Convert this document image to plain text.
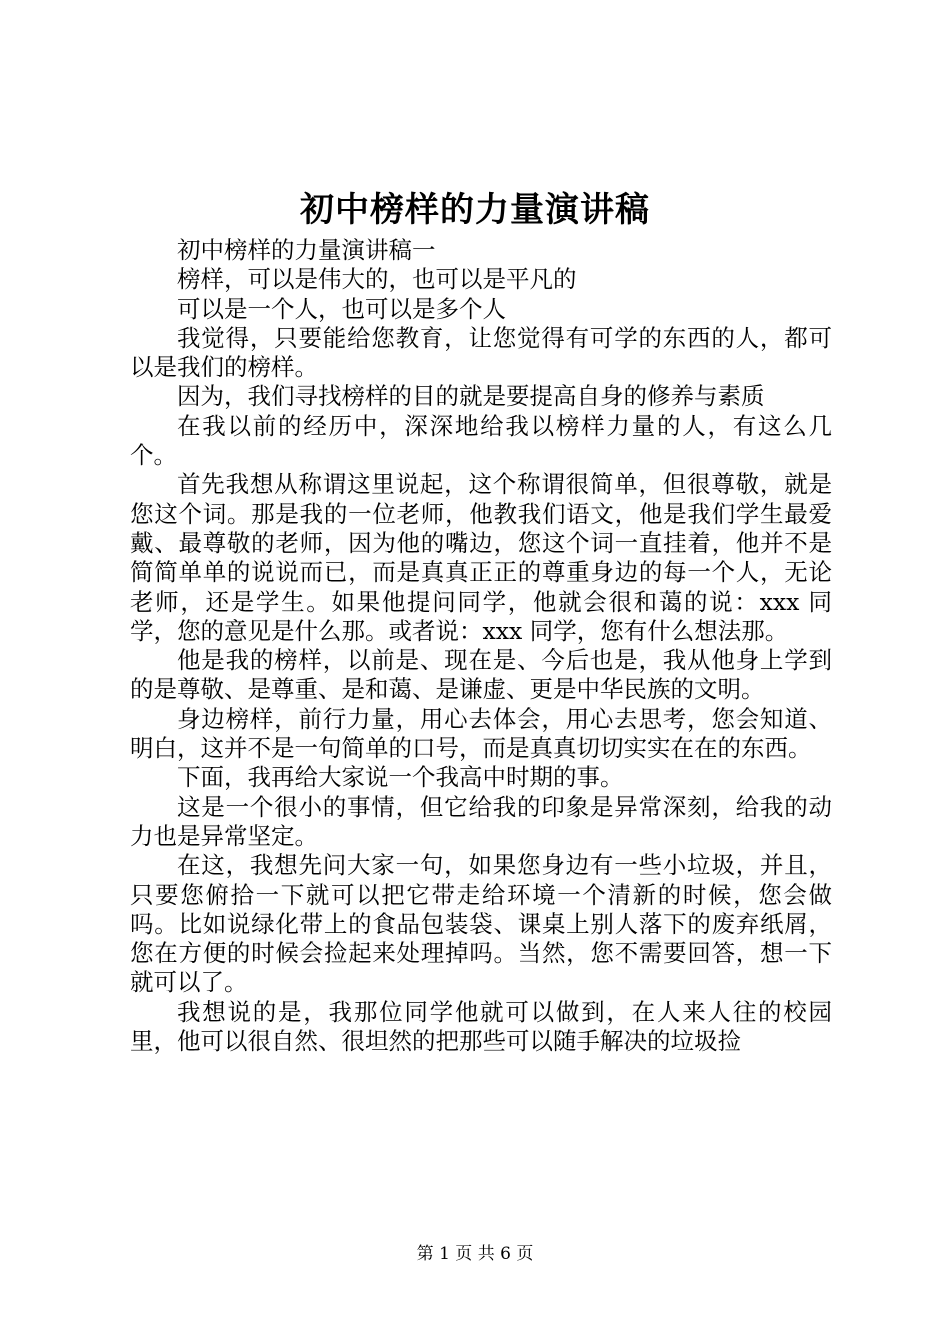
初中榜样的力量演讲稿

初中榜样的力量演讲稿一

榜样，可以是伟大的，也可以是平凡的

可以是一个人，也可以是多个人

我觉得，只要能给您教育，让您觉得有可学的东西的人，都可以是我们的榜样。

因为，我们寻找榜样的目的就是要提高自身的修养与素质

在我以前的经历中，深深地给我以榜样力量的人，有这么几个。

首先我想从称谓这里说起，这个称谓很简单，但很尊敬，就是您这个词。那是我的一位老师，他教我们语文，他是我们学生最爱戴、最尊敬的老师，因为他的嘴边，您这个词一直挂着，他并不是简简单单的说说而已，而是真真正正的尊重身边的每一个人，无论老师，还是学生。如果他提问同学，他就会很和蔼的说：xxx 同学，您的意见是什么那。或者说：xxx 同学，您有什么想法那。

他是我的榜样，以前是、现在是、今后也是，我从他身上学到的是尊敬、是尊重、是和蔼、是谦虚、更是中华民族的文明。

身边榜样，前行力量，用心去体会，用心去思考，您会知道、明白，这并不是一句简单的口号，而是真真切切实实在在的东西。

下面，我再给大家说一个我高中时期的事。

这是一个很小的事情，但它给我的印象是异常深刻，给我的动力也是异常坚定。

在这，我想先问大家一句，如果您身边有一些小垃圾，并且，只要您俯拾一下就可以把它带走给环境一个清新的时候，您会做吗。比如说绿化带上的食品包装袋、课桌上别人落下的废弃纸屑，您在方便的时候会捡起来处理掉吗。当然，您不需要回答，想一下就可以了。

我想说的是，我那位同学他就可以做到，在人来人往的校园里，他可以很自然、很坦然的把那些可以随手解决的垃圾捡

第 1 页 共 6 页
